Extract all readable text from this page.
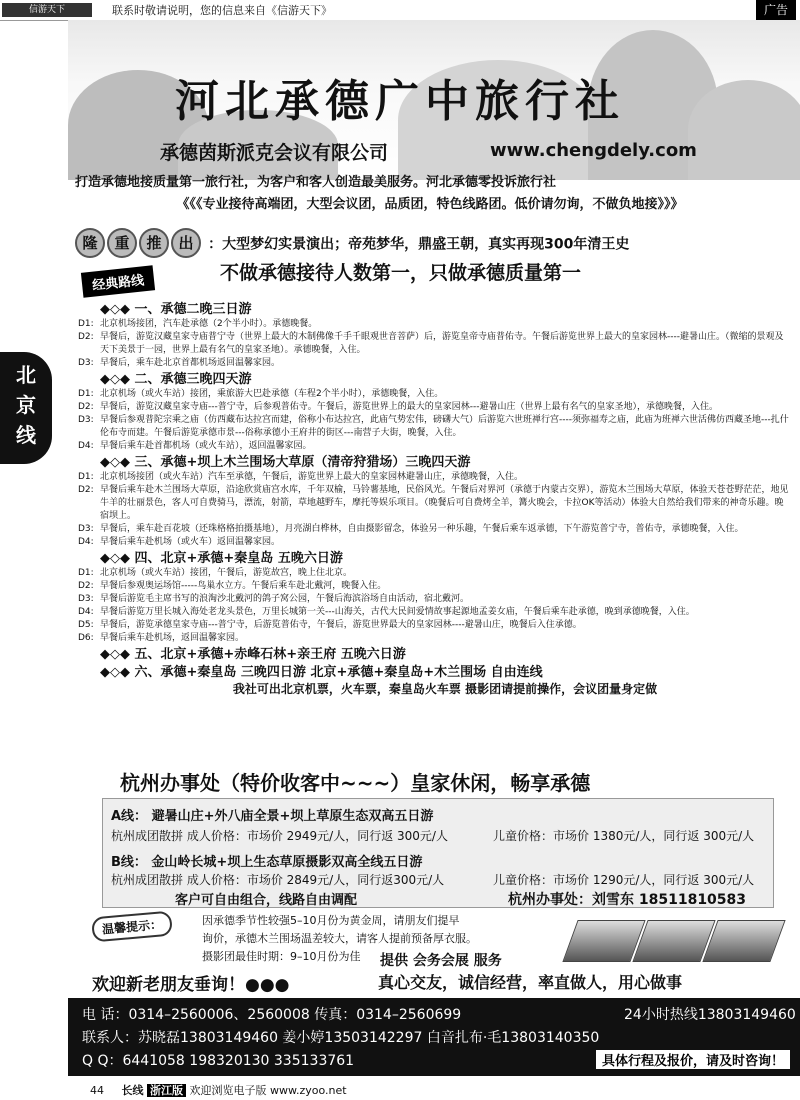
信游天下	联系时敬请说明，您的信息来自《信游天下》	广告
河北承德广中旅行社
承德茵斯派克会议有限公司	www.chengdely.com
打造承德地接质量第一旅行社，为客户和客人创造最美服务。河北承德零投诉旅行社
《《《专业接待高端团，大型会议团，品质团，特色线路团。低价请勿询，不做负地接》》》
隆 重 推 出 ：大型梦幻实景演出；帝苑梦华，鼎盛王朝，真实再现300年清王史
经典路线	不做承德接待人数第一，只做承德质量第一
北
京
线
◆◇◆ 一、承德二晚三日游
D1: 北京机场接团，汽车赴承德（2个半小时）。承德晚餐。
D2: 早餐后，游览汉藏皇家寺庙普宁寺（世界上最大的木制佛像千手千眼观世音菩萨）后，游览皇帝寺庙普佑寺。午餐后游览世界上最大的皇家园林----避暑山庄。（微缩的景观及天下美景于一园，世界上最有名气的皇家圣地）。承德晚餐，入住。
D3: 早餐后，乘车赴北京首都机场返回温馨家园。
◆◇◆ 二、承德三晚四天游
D1: 北京机场（或火车站）接团，乘旅游大巴赴承德（车程2个半小时），承德晚餐，入住。
D2: 早餐后，游览汉藏皇家寺庙---普宁寺，后参观普佑寺。午餐后，游览世界上的最大的皇家园林---避暑山庄（世界上最有名气的皇家圣地），承德晚餐，入住。
D3: 早餐后参观普陀宗乘之庙（仿西藏布达拉宫而建，俗称小布达拉宫，此庙气势宏伟，磅礴大气）后游览六世班禅行宫----须弥福寿之庙，此庙为班禅六世活佛仿西藏圣地---扎什伦布寺而建。午餐后游览承德市景---俗称承德小王府井的街区---南营子大街，晚餐，入住。
D4: 早餐后乘车赴首都机场（或火车站），返回温馨家园。
◆◇◆ 三、承德+坝上木兰围场大草原（清帝狩猎场）三晚四天游
D1: 北京机场接团（或火车站）汽车至承德，午餐后，游览世界上最大的皇家园林避暑山庄，承德晚餐，入住。
D2: 早餐后乘车赴木兰围场大草原，沿途欣赏庙宫水库，千年双榆，马铃薯基地，民俗风光。午餐后对界河（承德于内蒙古交界），游览木兰围场大草原，体验天苍苍野茫茫，地见牛羊的壮丽景色，客人可自费骑马，漂流，射箭，草地越野车，摩托等娱乐项目。（晚餐后可自费烤全羊，篝火晚会，卡拉OK等活动）体验大自然给我们带来的神奇乐趣。晚宿坝上。
D3: 早餐后，乘车赴百花坡（还珠格格拍摄基地），月亮湖白桦林，自由摄影留念，体验另一种乐趣，午餐后乘车返承德，下午游览普宁寺，普佑寺，承德晚餐，入住。
D4: 早餐后乘车赴机场（或火车）返回温馨家园。
◆◇◆ 四、北京+承德+秦皇岛 五晚六日游
D1: 北京机场（或火车站）接团，午餐后，游览故宫，晚上住北京。
D2: 早餐后参观奥运场馆-----鸟巢水立方。午餐后乘车赴北戴河，晚餐入住。
D3: 早餐后游览毛主席书写的浪淘沙北戴河的鸽子窝公园，午餐后海滨浴场自由活动，宿北戴河。
D4: 早餐后游览万里长城入海处老龙头景色，万里长城第一关---山海关，古代大民间爱情故事起源地孟姜女庙，午餐后乘车赴承德，晚到承德晚餐，入住。
D5: 早餐后，游览承德皇家寺庙---普宁寺，后游览普佑寺，午餐后，游览世界最大的皇家园林----避暑山庄，晚餐后入住承德。
D6: 早餐后乘车赴机场，返回温馨家园。
◆◇◆ 五、北京+承德+赤峰石林+亲王府 五晚六日游
◆◇◆ 六、承德+秦皇岛 三晚四日游 北京+承德+秦皇岛+木兰围场 自由连线
我社可出北京机票，火车票，秦皇岛火车票 摄影团请提前操作，会议团量身定做
杭州办事处（特价收客中~~~）皇家休闲，畅享承德
A线： 避暑山庄+外八庙全景+坝上草原生态双高五日游
杭州成团散拼 成人价格：市场价 2949元/人，同行返 300元/人	儿童价格：市场价 1380元/人，同行返 300元/人
B线： 金山岭长城+坝上生态草原摄影双高全线五日游
杭州成团散拼 成人价格：市场价 2849元/人，同行返300元/人	儿童价格：市场价 1290元/人，同行返 300元/人
客户可自由组合，线路自由调配	杭州办事处：刘雪东 18511810583
温馨提示：	因承德季节性较强5–10月份为黄金周，请朋友们提早
询价，承德木兰围场温差较大，请客人提前预备厚衣服。
摄影团最佳时期：9–10月份为佳	提供 会务会展 服务
欢迎新老朋友垂询！●●●	真心交友，诚信经营，率直做人，用心做事
电 话：0314–2560006、2560008 传真：0314–2560699	24小时热线13803149460
联系人：苏晓磊13803149460 姜小婷13503142297 白音扎布·毛13803140350
Q Q：6441058 198320130 335133761	具体行程及报价，请及时咨询！
44 长线 浙江版 欢迎浏览电子版 www.zyoo.net
